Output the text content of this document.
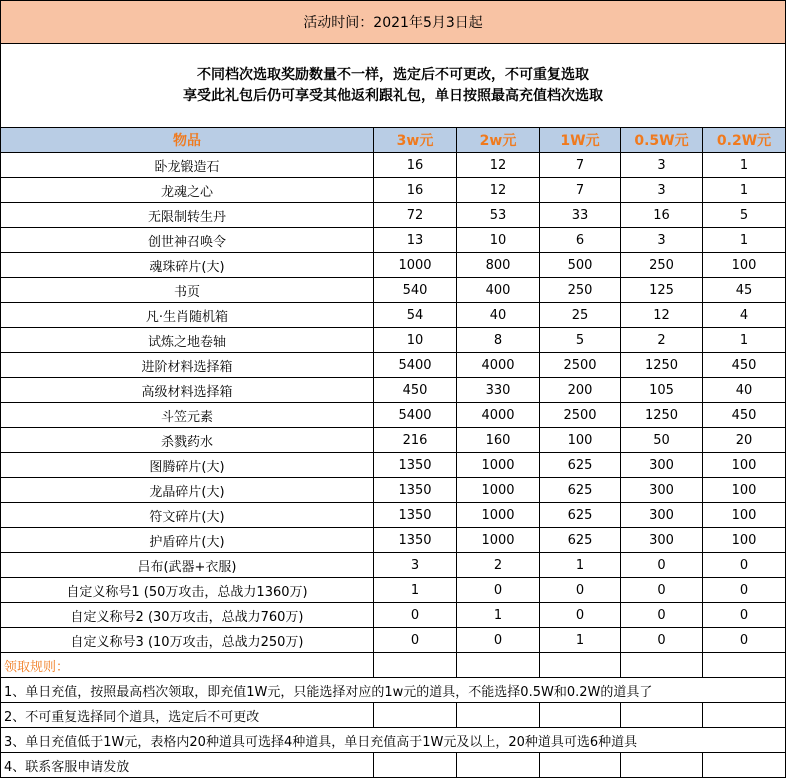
活动时间：2021年5月3日起					

不同档次选取奖励数量不一样，选定后不可更改，不可重复选取
享受此礼包后仍可享受其他返利跟礼包，单日按照最高充值档次选取					

物品	3w元	2w元	1W元	0.5W元	0.2W元
卧龙锻造石	16	12	7	3	1
龙魂之心	16	12	7	3	1
无限制转生丹	72	53	33	16	5
创世神召唤令	13	10	6	3	1
魂珠碎片(大)	1000	800	500	250	100
书页	540	400	250	125	45
凡·生肖随机箱	54	40	25	12	4
试炼之地卷轴	10	8	5	2	1
进阶材料选择箱	5400	4000	2500	1250	450
高级材料选择箱	450	330	200	105	40
斗笠元素	5400	4000	2500	1250	450
杀戮药水	216	160	100	50	20
图腾碎片(大)	1350	1000	625	300	100
龙晶碎片(大)	1350	1000	625	300	100
符文碎片(大)	1350	1000	625	300	100
护盾碎片(大)	1350	1000	625	300	100
吕布(武器+衣服)	3	2	1	0	0
自定义称号1 (50万攻击，总战力1360万)	1	0	0	0	0
自定义称号2 (30万攻击，总战力760万)	0	1	0	0	0
自定义称号3 (10万攻击，总战力250万)	0	0	1	0	0
领取规则：					
1、单日充值，按照最高档次领取，即充值1W元，只能选择对应的1w元的道具，不能选择0.5W和0.2W的道具了					
2、不可重复选择同个道具，选定后不可更改					
3、单日充值低于1W元，表格内20种道具可选择4种道具，单日充值高于1W元及以上，20种道具可选6种道具					
4、联系客服申请发放					
